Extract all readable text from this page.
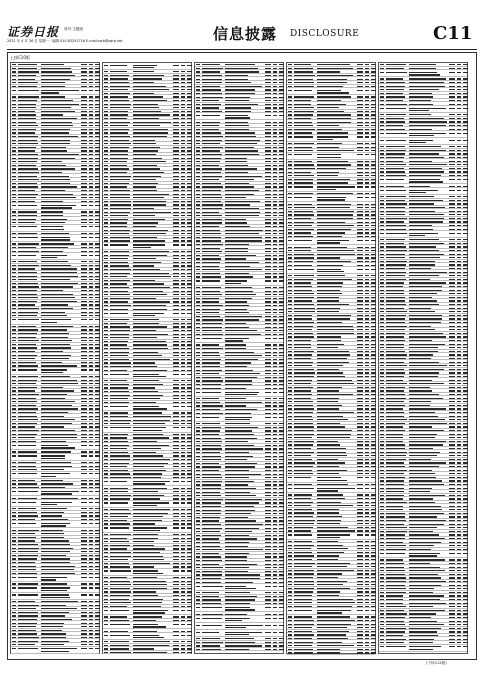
证券日报 周刊 主题版
2021 年 4 月 26 日 星期一 · 编辑 010-83251716 E-mail:zzrb@zqrb.net	信息披露 DISCLOSURE	C11
上接C10版
(下转C12版)
